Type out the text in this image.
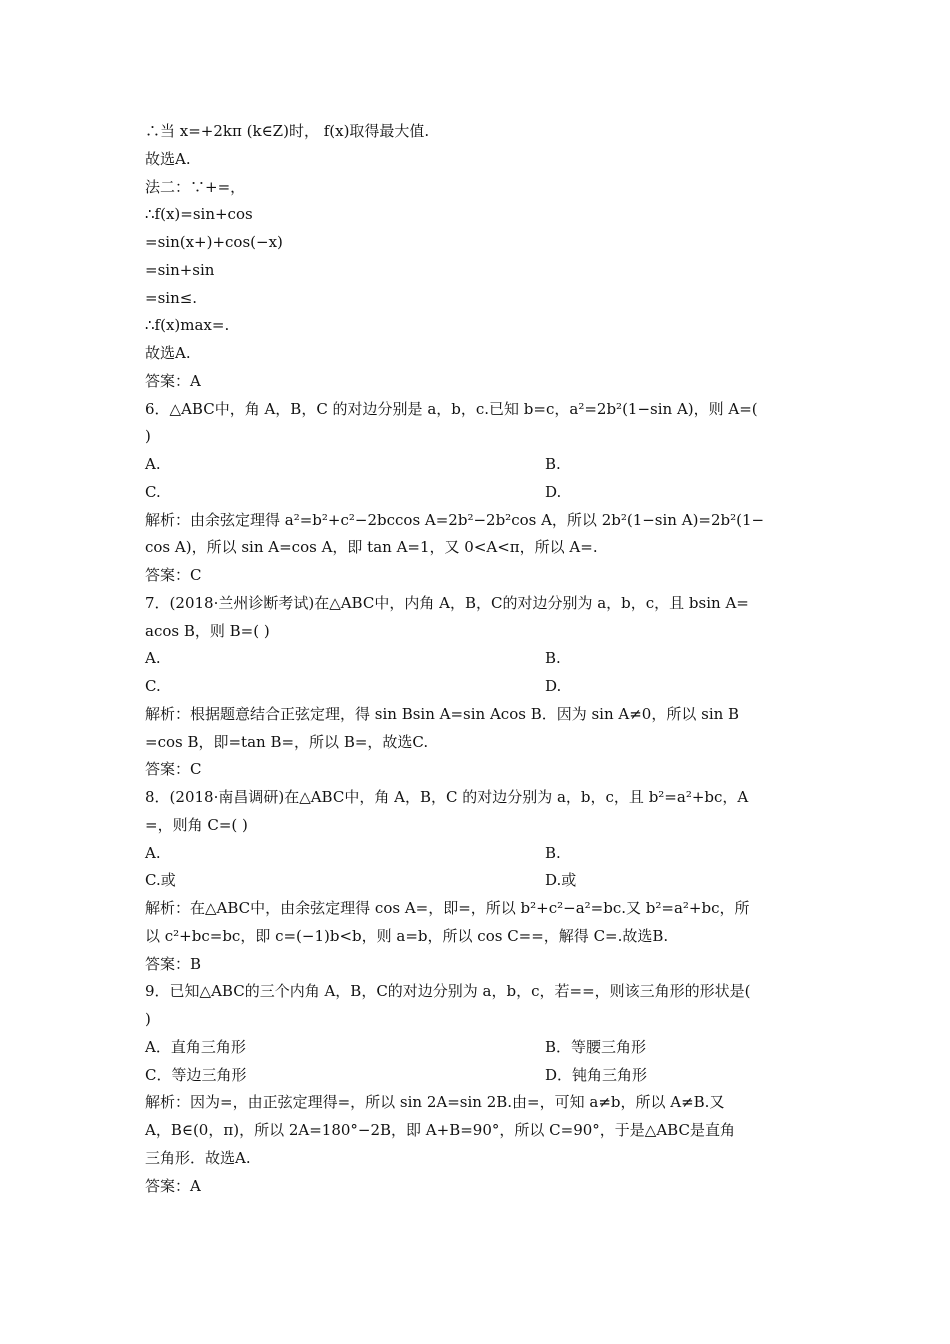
∴当 x=+2kπ (k∈Z)时， f(x)取得最大值.
故选A.
法二：∵+=，
∴f(x)=sin+cos
=sin(x+)+cos(−x)
=sin+sin
=sin≤.
∴f(x)max=.
故选A.
答案：A
6．△ABC中，角 A，B，C 的对边分别是 a，b，c.已知 b=c，a²=2b²(1−sin A)，则 A=(
)
A.	B.
C.	D.
解析：由余弦定理得 a²=b²+c²−2bccos A=2b²−2b²cos A，所以 2b²(1−sin A)=2b²(1−
cos A)，所以 sin A=cos A，即 tan A=1，又 0<A<π，所以 A=.
答案：C
7．(2018·兰州诊断考试)在△ABC中，内角 A，B，C的对边分别为 a，b，c，且 bsin A=
acos B，则 B=( )
A.	B.
C.	D.
解析：根据题意结合正弦定理，得 sin Bsin A=sin Acos B．因为 sin A≠0，所以 sin B
=cos B，即=tan B=，所以 B=，故选C.
答案：C
8．(2018·南昌调研)在△ABC中，角 A，B，C 的对边分别为 a，b，c，且 b²=a²+bc，A
=，则角 C=( )
A.	B.
C.或	D.或
解析：在△ABC中，由余弦定理得 cos A=，即=，所以 b²+c²−a²=bc.又 b²=a²+bc，所
以 c²+bc=bc，即 c=(−1)b<b，则 a=b，所以 cos C==，解得 C=.故选B.
答案：B
9．已知△ABC的三个内角 A，B，C的对边分别为 a，b，c，若==，则该三角形的形状是(
)
A．直角三角形	B．等腰三角形
C．等边三角形	D．钝角三角形
解析：因为=，由正弦定理得=，所以 sin 2A=sin 2B.由=，可知 a≠b，所以 A≠B.又
A，B∈(0，π)，所以 2A=180°−2B，即 A+B=90°，所以 C=90°，于是△ABC是直角
三角形．故选A.
答案：A
